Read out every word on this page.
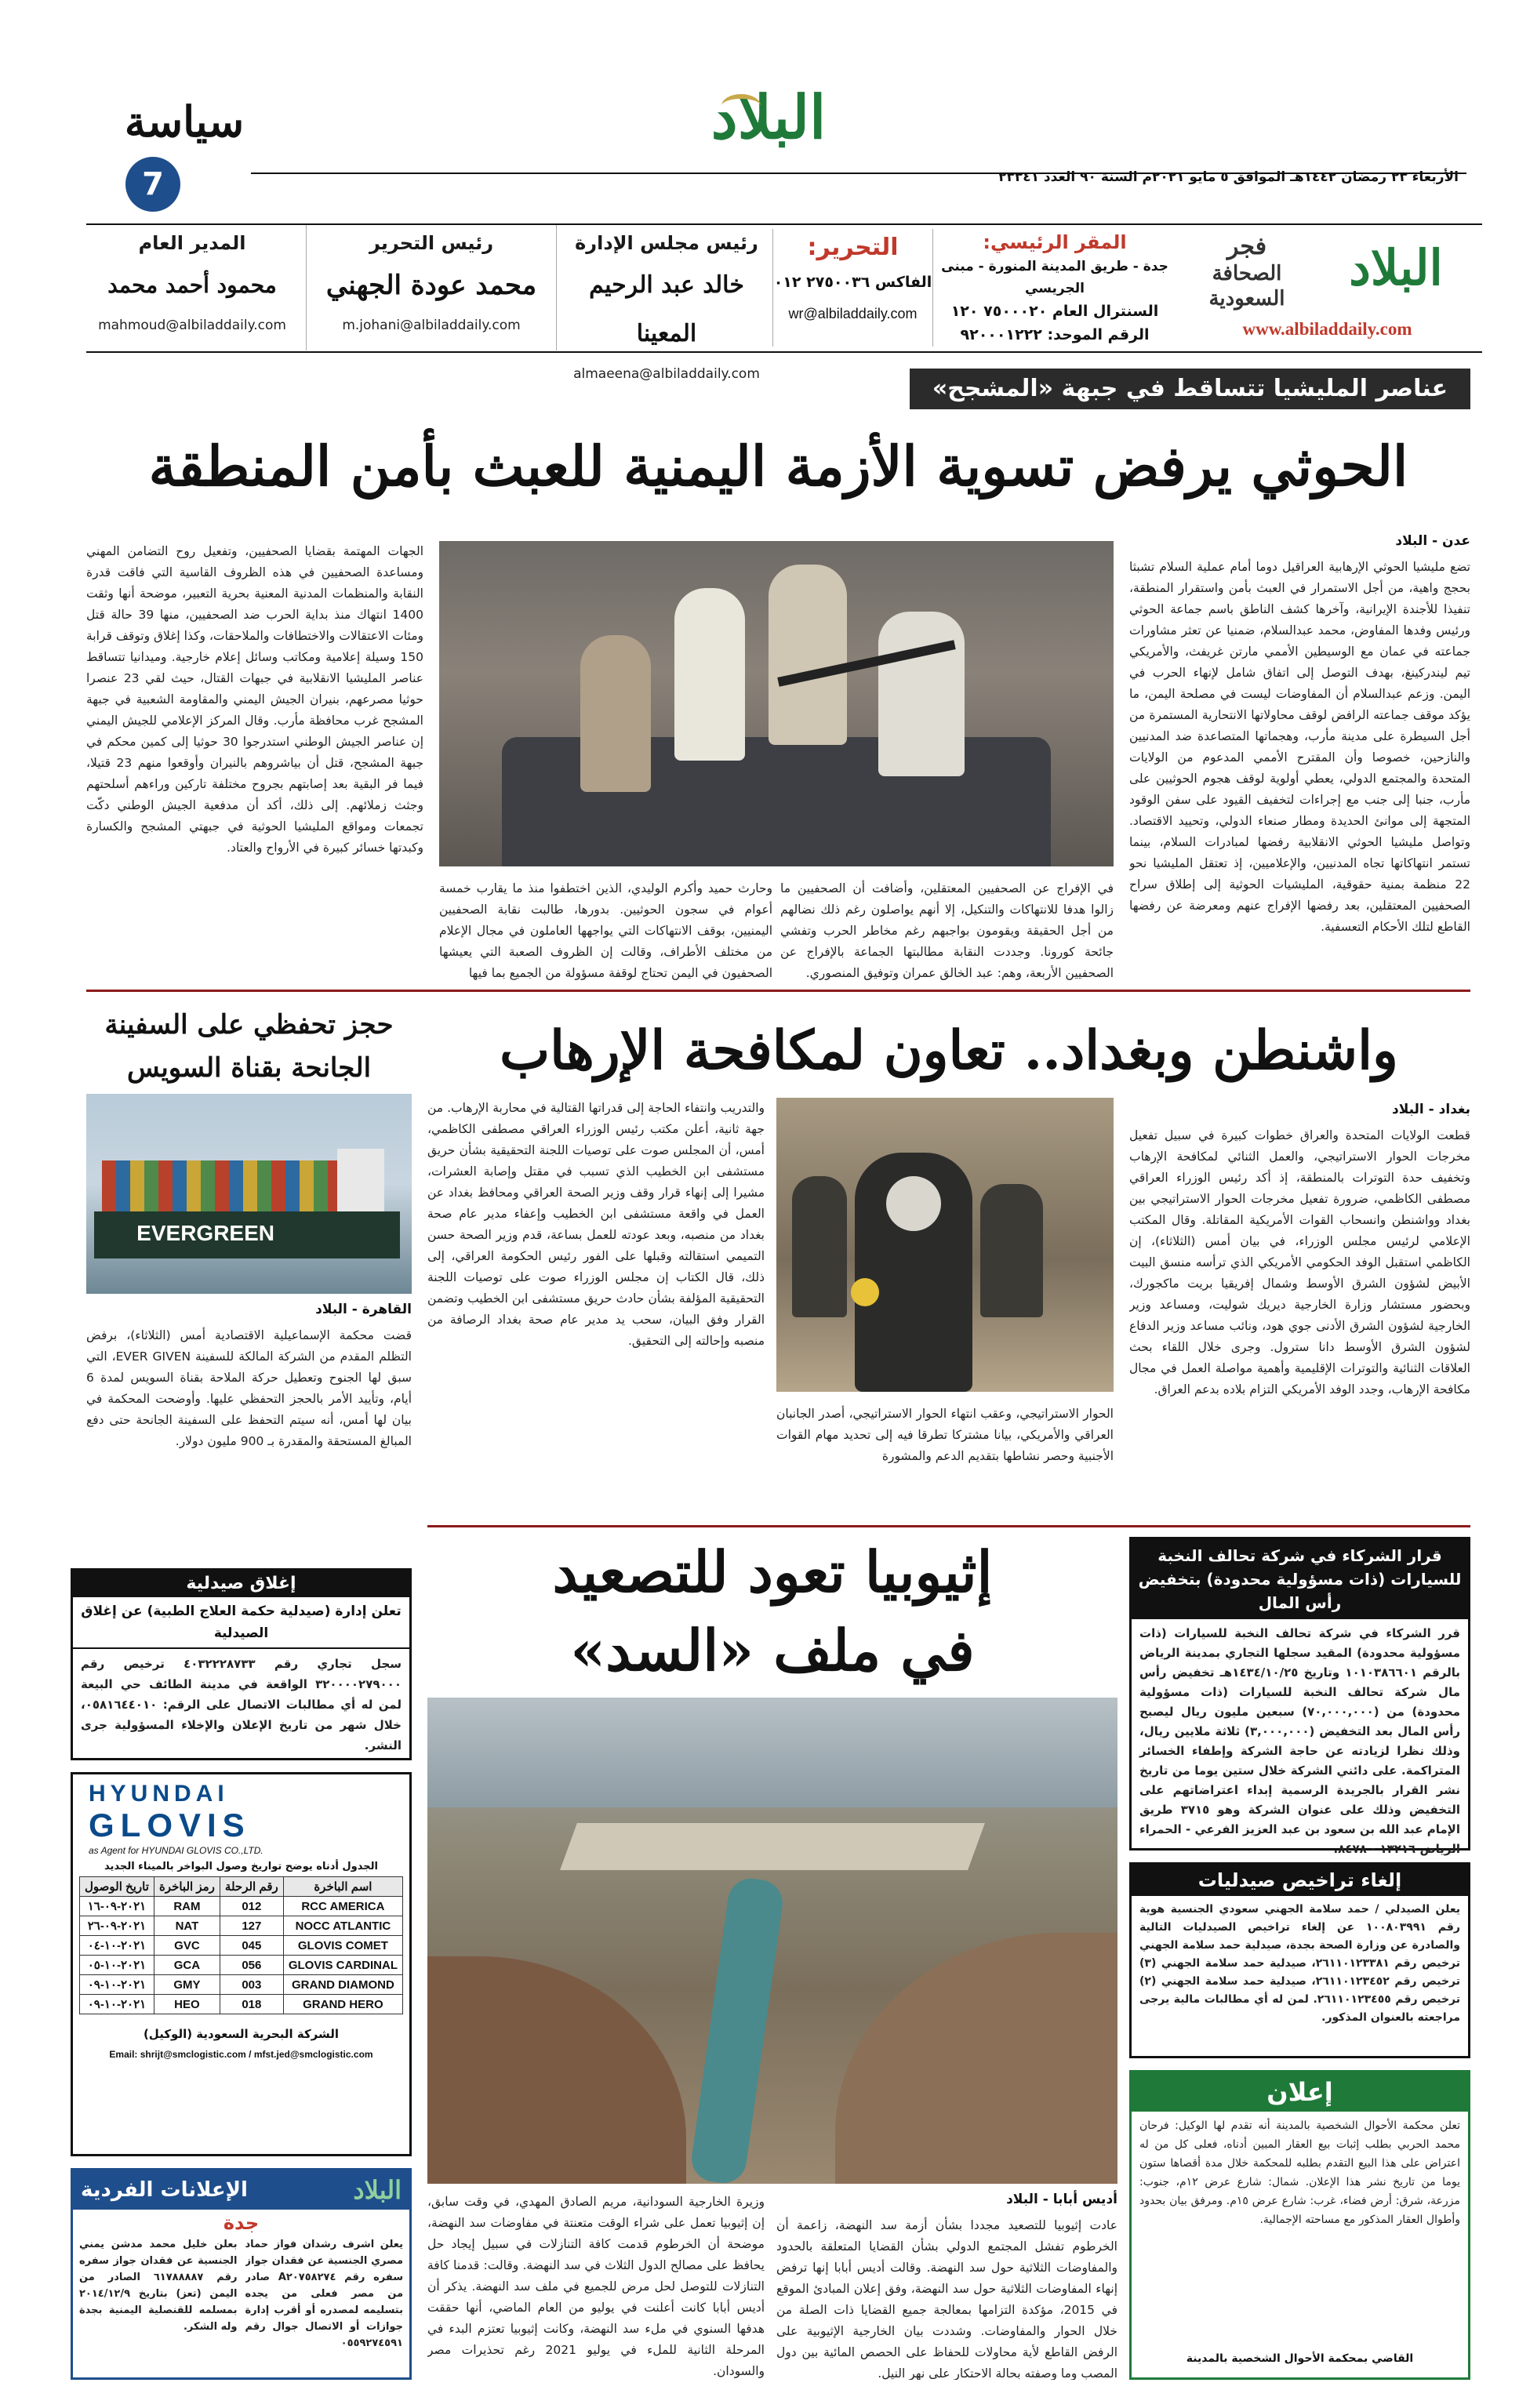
البلاد
الأربعاء ٢٣ رمضان ١٤٤٢هـ الموافق ٥ مايو ٢٠٢١م السنة ٩٠ العدد ٢٣٣٤١
سياسة
7
البلاد
فجر
الصحافة
السعودية
www.albiladdaily.com
المقر الرئيسي:
جدة - طريق المدينة المنورة - مبنى الجريسي
السنترال العام ٧٥٠٠٠٢٠ ١٢٠
الرقم الموحد: ٩٢٠٠٠١٢٢٢
التحرير:
الفاكس ٢٧٥٠٠٣٦ ٠١٢
wr@albiladdaily.com
رئيس مجلس الإدارة
خالد عبد الرحيم المعينا
almaeena@albiladdaily.com
رئيس التحرير
محمد عودة الجهني
m.johani@albiladdaily.com
المدير العام
محمود أحمد محمد
mahmoud@albiladdaily.com
عناصر المليشيا تتساقط في جبهة «المشجح»
الحوثي يرفض تسوية الأزمة اليمنية للعبث بأمن المنطقة
عدن - البلاد
تضع مليشيا الحوثي الإرهابية العراقيل دوما أمام عملية السلام تشبثا بحجج واهية، من أجل الاستمرار في العبث بأمن واستقرار المنطقة، تنفيذا للأجندة الإيرانية، وآخرها كشف الناطق باسم جماعة الحوثي ورئيس وفدها المفاوض، محمد عبدالسلام، ضمنيا عن تعثر مشاورات جماعته في عمان مع الوسيطين الأممي مارتن غريفث، والأمريكي تيم ليندركينغ، بهدف التوصل إلى اتفاق شامل لإنهاء الحرب في اليمن. وزعم عبدالسلام أن المفاوضات ليست في مصلحة اليمن، ما يؤكد موقف جماعته الرافض لوقف محاولاتها الانتحارية المستمرة من أجل السيطرة على مدينة مأرب، وهجماتها المتصاعدة ضد المدنيين والنازحين، خصوصا وأن المقترح الأممي المدعوم من الولايات المتحدة والمجتمع الدولي، يعطي أولوية لوقف هجوم الحوثيين على مأرب، جنبا إلى جنب مع إجراءات لتخفيف القيود على سفن الوقود المتجهة إلى موانئ الحديدة ومطار صنعاء الدولي، وتحييد الاقتصاد. وتواصل مليشيا الحوثي الانقلابية رفضها لمبادرات السلام، بينما تستمر انتهاكاتها تجاه المدنيين، والإعلاميين، إذ تعتقل المليشيا نحو 22 منظمة بمنية حقوقية، المليشيات الحوثية إلى إطلاق سراح الصحفيين المعتقلين، بعد رفضها الإفراج عنهم ومعرضة عن رفضها القاطع لتلك الأحكام التعسفية.
في الإفراج عن الصحفيين المعتقلين، وأضافت أن الصحفيين ما زالوا هدفا للانتهاكات والتنكيل، إلا أنهم يواصلون رغم ذلك نضالهم من أجل الحقيقة ويقومون بواجبهم رغم مخاطر الحرب وتفشي جائحة كورونا. وجددت النقابة مطالبتها الجماعة بالإفراج عن الصحفيين الأربعة، وهم: عبد الخالق عمران وتوفيق المنصوري.
وحارث حميد وأكرم الوليدي، الذين اختطفوا منذ ما يقارب خمسة أعوام في سجون الحوثيين. بدورها، طالبت نقابة الصحفيين اليمنيين، بوقف الانتهاكات التي يواجهها العاملون في مجال الإعلام من مختلف الأطراف، وقالت إن الظروف الصعبة التي يعيشها الصحفيون في اليمن تحتاج لوقفة مسؤولة من الجميع بما فيها
الجهات المهتمة بقضايا الصحفيين، وتفعيل روح التضامن المهني ومساعدة الصحفيين في هذه الظروف القاسية التي فاقت قدرة النقابة والمنظمات المدنية المعنية بحرية التعبير، موضحة أنها وثقت 1400 انتهاك منذ بداية الحرب ضد الصحفيين، منها 39 حالة قتل ومئات الاعتقالات والاختطافات والملاحقات، وكذا إغلاق وتوقف قرابة 150 وسيلة إعلامية ومكاتب وسائل إعلام خارجية. وميدانيا تتساقط عناصر المليشيا الانقلابية في جبهات القتال، حيث لقي 23 عنصرا حوثيا مصرعهم، بنيران الجيش اليمني والمقاومة الشعبية في جبهة المشجح غرب محافظة مأرب. وقال المركز الإعلامي للجيش اليمني إن عناصر الجيش الوطني استدرجوا 30 حوثيا إلى كمين محكم في جبهة المشجح، قتل أن بياشروهم بالنيران وأوقعوا منهم 23 قتيلا، فيما فر البقية بعد إصابتهم بجروح مختلفة تاركين وراءهم أسلحتهم وجثث زملائهم. إلى ذلك، أكد أن مدفعية الجيش الوطني دكّت تجمعات ومواقع المليشيا الحوثية في جبهتي المشجح والكسارة وكبدتها خسائر كبيرة في الأرواح والعتاد.
واشنطن وبغداد.. تعاون لمكافحة الإرهاب
بغداد - البلاد
قطعت الولايات المتحدة والعراق خطوات كبيرة في سبيل تفعيل مخرجات الحوار الاستراتيجي، والعمل الثنائي لمكافحة الإرهاب وتخفيف حدة التوترات بالمنطقة، إذ أكد رئيس الوزراء العراقي مصطفى الكاظمي، ضرورة تفعيل مخرجات الحوار الاستراتيجي بين بغداد وواشنطن وانسحاب القوات الأمريكية المقاتلة. وقال المكتب الإعلامي لرئيس مجلس الوزراء، في بيان أمس (الثلاثاء)، إن الكاظمي استقبل الوفد الحكومي الأمريكي الذي ترأسه منسق البيت الأبيض لشؤون الشرق الأوسط وشمال إفريقيا بريت ماكجورك، وبحضور مستشار وزارة الخارجية ديريك شوليت، ومساعد وزير الخارجية لشؤون الشرق الأدنى جوي هود، ونائب مساعد وزير الدفاع لشؤون الشرق الأوسط دانا سترول. وجرى خلال اللقاء بحث العلاقات الثنائية والتوترات الإقليمية وأهمية مواصلة العمل في مجال مكافحة الإرهاب، وجدد الوفد الأمريكي التزام بلاده بدعم العراق.
الحوار الاستراتيجي، وعقب انتهاء الحوار الاستراتيجي، أصدر الجانبان العراقي والأمريكي، بيانا مشتركا تطرقا فيه إلى تحديد مهام القوات الأجنبية وحصر نشاطها بتقديم الدعم والمشورة
والتدريب وانتفاء الحاجة إلى قدراتها القتالية في محاربة الإرهاب. من جهة ثانية، أعلن مكتب رئيس الوزراء العراقي مصطفى الكاظمي، أمس، أن المجلس صوت على توصيات اللجنة التحقيقية بشأن حريق مستشفى ابن الخطيب الذي تسبب في مقتل وإصابة العشرات، مشيرا إلى إنهاء قرار وقف وزير الصحة العراقي ومحافظ بغداد عن العمل في واقعة مستشفى ابن الخطيب وإعفاء مدير عام صحة بغداد من منصبه، وبعد عودته للعمل بساعة، قدم وزير الصحة حسن التميمي استقالته وقبلها على الفور رئيس الحكومة العراقي، إلى ذلك، قال الكتاب إن مجلس الوزراء صوت على توصيات اللجنة التحقيقية المؤلفة بشأن حادث حريق مستشفى ابن الخطيب وتضمن القرار وفق البيان، سحب يد مدير عام صحة بغداد الرصافة من منصبه وإحالته إلى التحقيق.
حجز تحفظي على السفينة الجانحة بقناة السويس
EVERGREEN
القاهرة - البلاد
قضت محكمة الإسماعيلية الاقتصادية أمس (الثلاثاء)، برفض التظلم المقدم من الشركة المالكة للسفينة EVER GIVEN، التي سبق لها الجنوح وتعطيل حركة الملاحة بقناة السويس لمدة 6 أيام، وتأييد الأمر بالحجز التحفظي عليها. وأوضحت المحكمة في بيان لها أمس، أنه سيتم التحفظ على السفينة الجانحة حتى دفع المبالغ المستحقة والمقدرة بـ 900 مليون دولار.
إثيوبيا تعود للتصعيد
في ملف «السد»
أديس أبابا - البلاد
عادت إثيوبيا للتصعيد مجددا بشأن أزمة سد النهضة، زاعمة أن الخرطوم تفشل المجتمع الدولي بشأن القضايا المتعلقة بالحدود والمفاوضات الثلاثية حول سد النهضة. وقالت أديس أبابا إنها ترفض إنهاء المفاوضات الثلاثية حول سد النهضة، وفق إعلان المبادئ الموقع في 2015، مؤكدة التزامها بمعالجة جميع القضايا ذات الصلة من خلال الحوار والمفاوضات. وشددت بيان الخارجية الإثيوبية على الرفض القاطع لأية محاولات للحفاظ على الحصص المائية بين دول المصب وما وصفته بحالة الاحتكار على نهر النيل.
وزيرة الخارجية السودانية، مريم الصادق المهدي، في وقت سابق، إن إثيوبيا تعمل على شراء الوقت متعنتة في مفاوضات سد النهضة، موضحة أن الخرطوم قدمت كافة التنازلات في سبيل إيجاد حل يحافظ على مصالح الدول الثلاث في سد النهضة. وقالت: قدمنا كافة التنازلات للتوصل لحل مرض للجميع في ملف سد النهضة. يذكر أن أديس أبابا كانت أعلنت في يوليو من العام الماضي، أنها حققت هدفها السنوي في ملء سد النهضة، وكانت إثيوبيا تعتزم البدء في المرحلة الثانية للملء في يوليو 2021 رغم تحذيرات مصر والسودان.
قرار الشركاء في شركة تحالف النخبة للسيارات (ذات مسؤولية محدودة) بتخفيض رأس المال
قرر الشركاء في شركة تحالف النخبة للسيارات (ذات مسؤولية محدودة) المقيد سجلها التجاري بمدينة الرياض بالرقم ١٠١٠٣٨٦٦٠١ وتاريخ ١٤٣٤/١٠/٢٥هـ تخفيض رأس مال شركة تحالف النخبة للسيارات (ذات مسؤولية محدودة) من (٧٠,٠٠٠,٠٠٠) سبعين مليون ريال ليصبح رأس المال بعد التخفيض (٣,٠٠٠,٠٠٠) ثلاثة ملايين ريال، وذلك نظرا لزيادته عن حاجة الشركة وإطفاء الخسائر المتراكمة. على دائني الشركة خلال ستين يوما من تاريخ نشر القرار بالجريدة الرسمية إبداء اعتراضاتهم على التخفيض وذلك على عنوان الشركة وهو ٣٧١٥ طريق الإمام عبد الله بن سعود بن عبد العزيز الفرعي - الحمراء الرياض ١٣٢١٦ - ٨٤٧٨.
إلغاء تراخيص صيدليات
يعلن الصيدلي / حمد سلامة الجهني سعودي الجنسية هوية رقم ١٠٠٨٠٣٩٩١ عن إلغاء تراخيص الصيدليات التالية والصادرة عن وزارة الصحة بجدة، صيدلية حمد سلامة الجهني ترخيص رقم ٢٦١١٠١٢٣٣٨١، صيدلية حمد سلامة الجهني (٣) ترخيص رقم ٢٦١١٠١٢٣٤٥٢، صيدلية حمد سلامة الجهني (٢) ترخيص رقم ٢٦١١٠١٢٣٤٥٥. لمن له أي مطالبات مالية يرجى مراجعته بالعنوان المذكور.
إعلان
تعلن محكمة الأحوال الشخصية بالمدينة أنه تقدم لها الوكيل: فرحان محمد الحربي بطلب إثبات بيع العقار المبين أدناه، فعلى كل من له اعتراض على هذا البيع التقدم بطلبه للمحكمة خلال مدة أقصاها ستون يوما من تاريخ نشر هذا الإعلان. شمال: شارع عرض ١٢م، جنوب: مزرعة، شرق: أرض فضاء، غرب: شارع عرض ١٥م. ومرفق بيان بحدود وأطوال العقار المذكور مع مساحته الإجمالية.
القاضي بمحكمة الأحوال الشخصية بالمدينة
إغلاق صيدلية
تعلن إدارة (صيدلية حكمة العلاج الطبية) عن إغلاق الصيدلية
سجل تجاري رقم ٤٠٣٢٢٢٨٧٣٣ ترخيص رقم ٣٢٠٠٠٠٢٧٩٠٠٠ الواقعة في مدينة الطائف حي البيعة لمن له أي مطالبات الاتصال على الرقم: ٠٥٨١٦٤٤٠١٠، خلال شهر من تاريخ الإعلان والإخلاء المسؤولية جرى النشر.
HYUNDAI
GLOVIS
as Agent for HYUNDAI GLOVIS CO.,LTD.
الجدول أدناه يوضح تواريخ وصول البواخر بالميناء الجديد
اسم الباخرة	رقم الرحلة	رمز الباخرة	تاريخ الوصول
RCC AMERICA	012	RAM	٢٠٢١-٠٩-١٦
NOCC ATLANTIC	127	NAT	٢٠٢١-٠٩-٢٦
GLOVIS COMET	045	GVC	٢٠٢١-١٠-٠٤
GLOVIS CARDINAL	056	GCA	٢٠٢١-١٠-٠٥
GRAND DIAMOND	003	GMY	٢٠٢١-١٠-٠٩
GRAND HERO	018	HEO	٢٠٢١-١٠-٠٩
الشركة البحرية السعودية (الوكيل)
Email: shrijt@smclogistic.com / mfst.jed@smclogistic.com
البلاد
الإعلانات الفردية
جدة
يعلن اشرف رشدان فواز حماد مصري الجنسية عن فقدان جواز سفره رقم A٢٠٧٥٨٢٧٤ صادر من مصر فعلى من يجده بتسليمه لمصدره أو أقرب إدارة جوازات أو الاتصال جوال رقم ٠٥٥٩٢٧٤٥٩١
بعلن خليل محمد مدشن يمني الجنسية عن فقدان جواز سفره رقم ٦١٧٨٨٨٨٧ الصادر من اليمن (تعز) بتاريخ ٢٠١٤/١٢/٩ بمسلمه للقنصلية اليمنية بجدة وله الشكر.
